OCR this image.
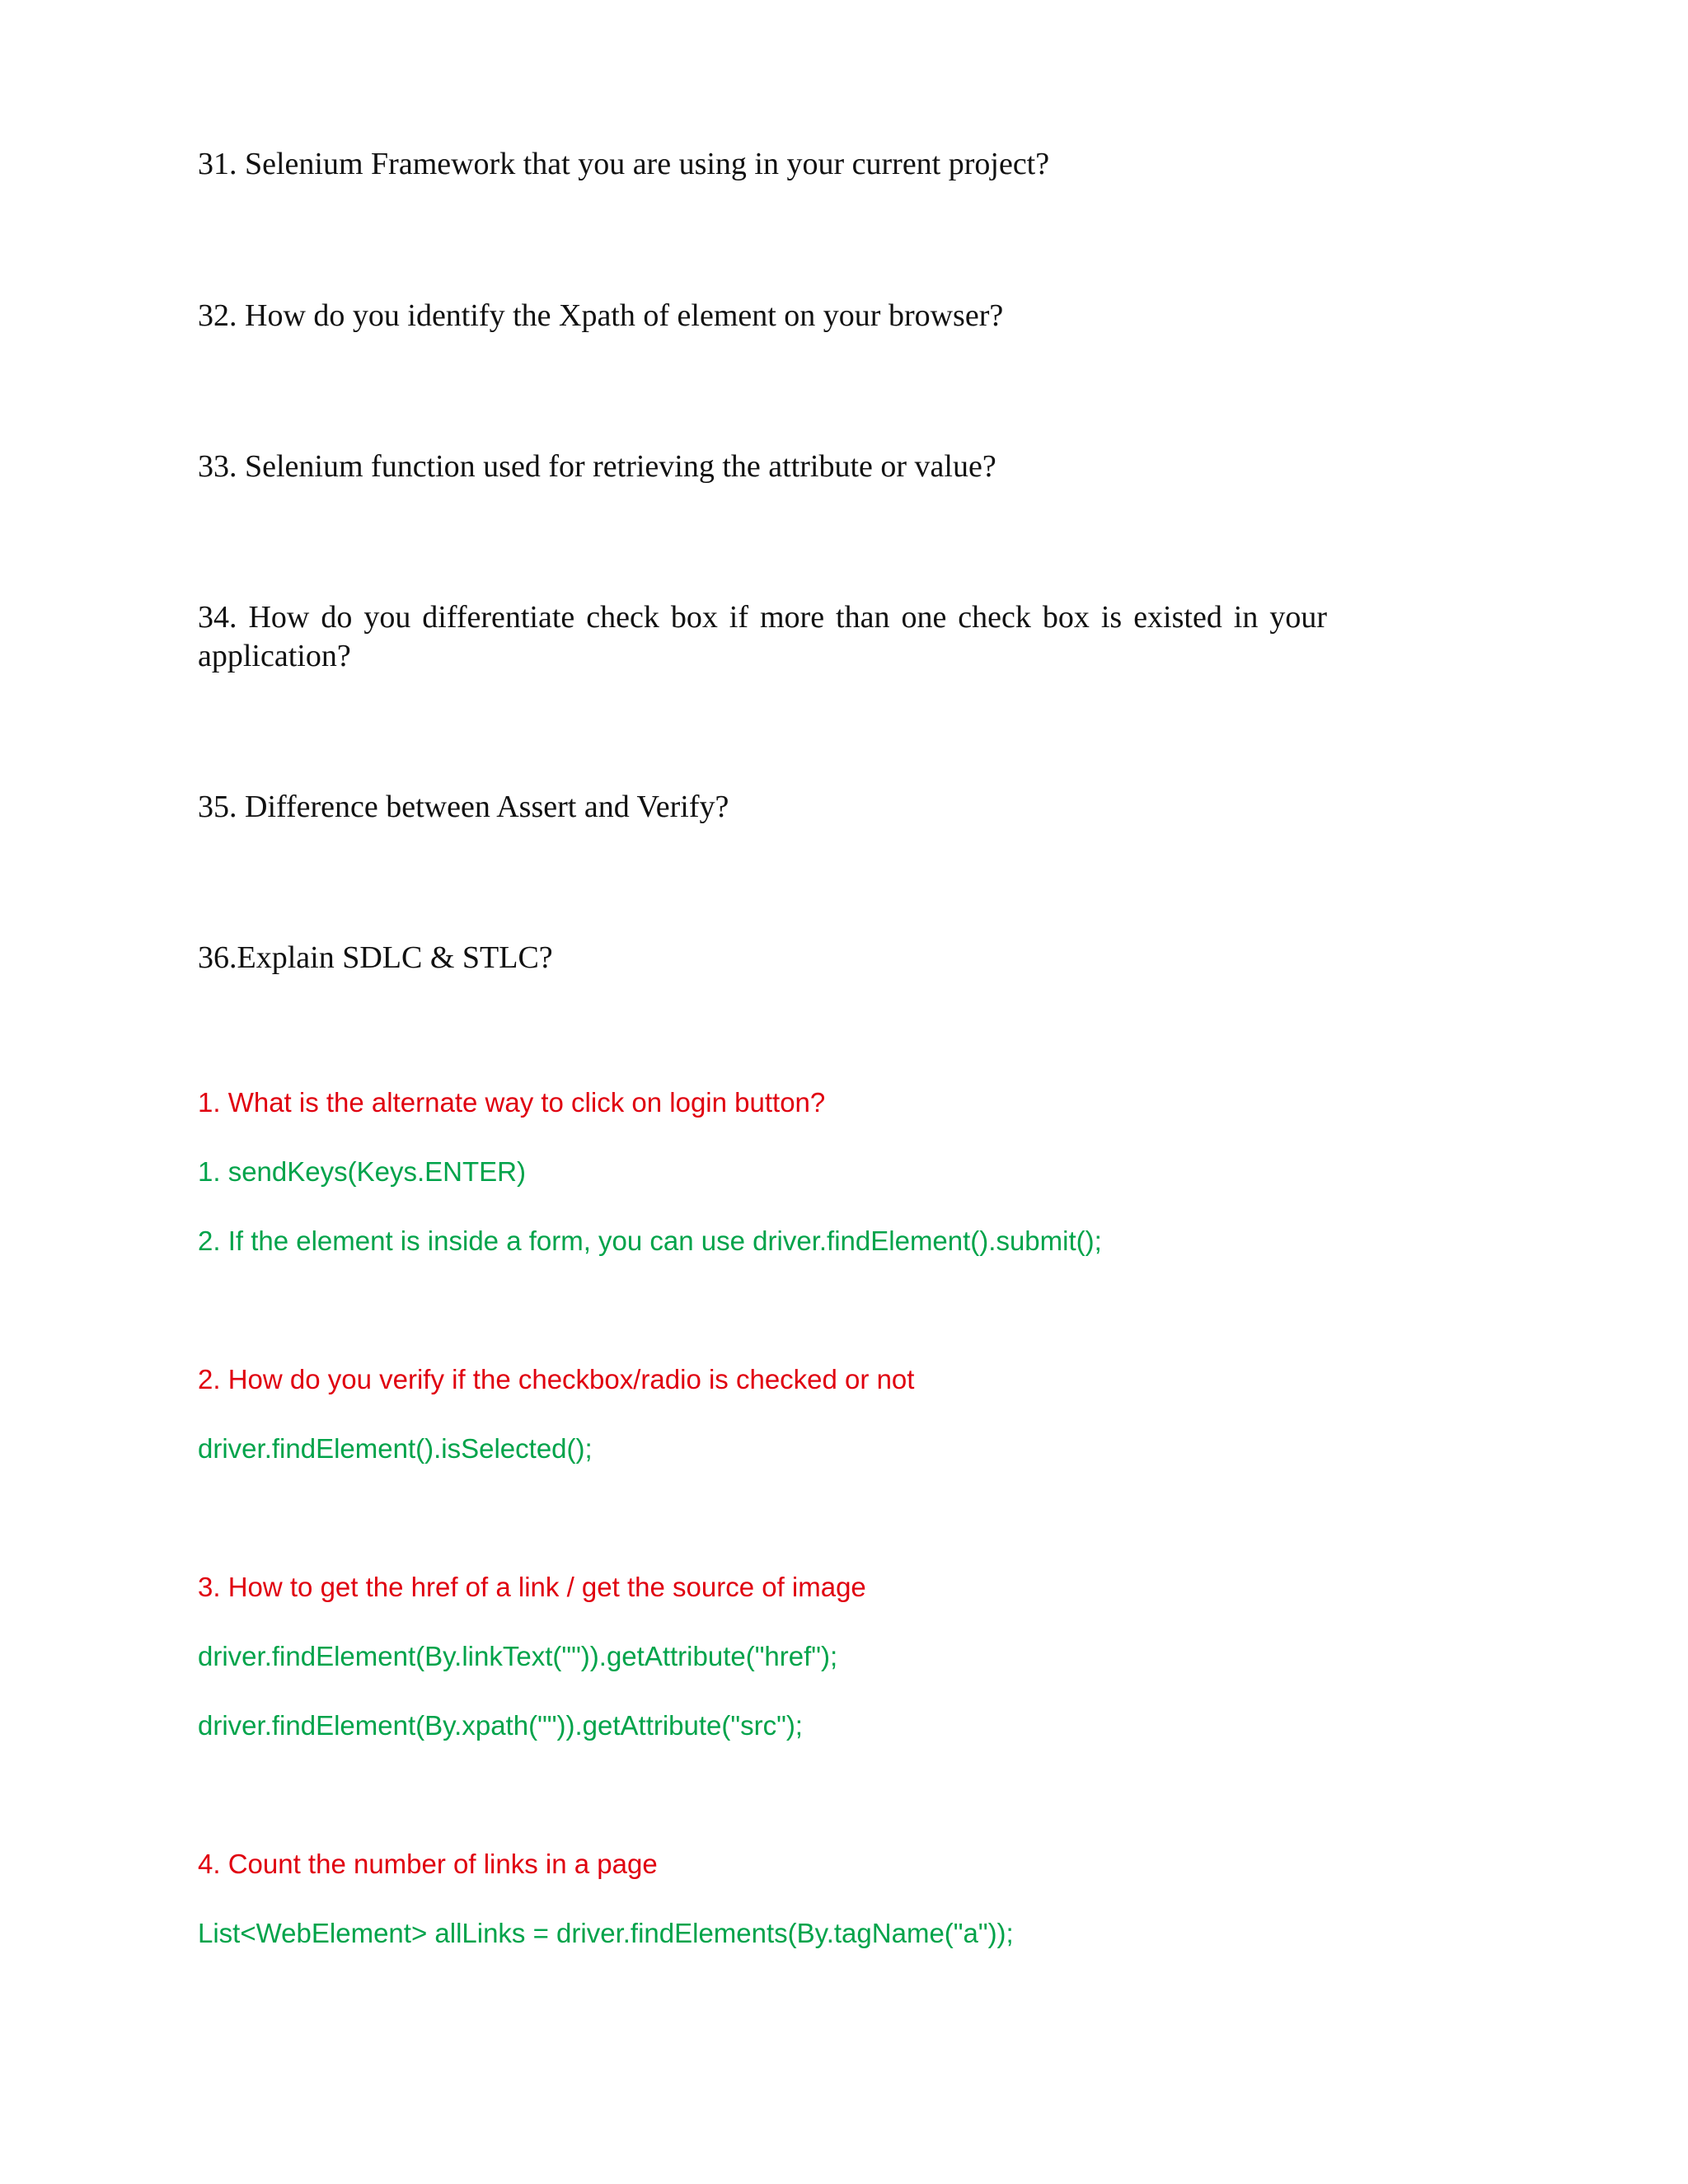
31. Selenium Framework that you are using in your current project?

32. How do you identify the Xpath of element on your browser?

33. Selenium function used for retrieving the attribute or value?

34. How do you differentiate check box if more than one check box is existed in your application?

35. Difference between Assert and Verify?

36.Explain SDLC & STLC?

1. What is the alternate way to click on login button?

1. sendKeys(Keys.ENTER)

2. If the element is inside a form, you can use driver.findElement().submit();

2. How do you verify if the checkbox/radio is checked or not

driver.findElement().isSelected();

3. How to get the href of a link / get the source of image

driver.findElement(By.linkText("")).getAttribute("href");

driver.findElement(By.xpath("")).getAttribute("src");

4. Count the number of links in a page

List<WebElement> allLinks = driver.findElements(By.tagName("a"));
